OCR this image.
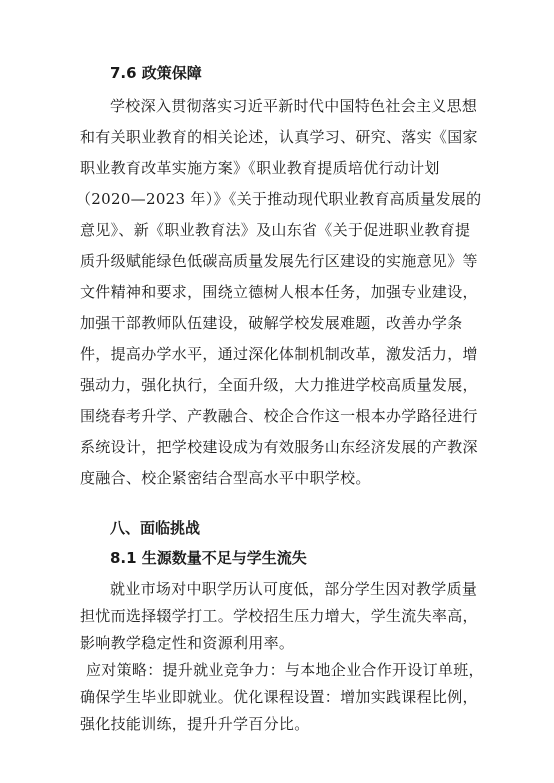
7.6 政策保障
学校深入贯彻落实习近平新时代中国特色社会主义思想
和有关职业教育的相关论述，认真学习、研究、落实《国家
职业教育改革实施方案》《职业教育提质培优行动计划
（2020—2023 年）》《关于推动现代职业教育高质量发展的
意见》、新《职业教育法》及山东省《关于促进职业教育提
质升级赋能绿色低碳高质量发展先行区建设的实施意见》等
文件精神和要求，围绕立德树人根本任务，加强专业建设，
加强干部教师队伍建设，破解学校发展难题，改善办学条
件，提高办学水平，通过深化体制机制改革，激发活力，增
强动力，强化执行，全面升级，大力推进学校高质量发展，
围绕春考升学、产教融合、校企合作这一根本办学路径进行
系统设计，把学校建设成为有效服务山东经济发展的产教深
度融合、校企紧密结合型高水平中职学校。
八、面临挑战
8.1 生源数量不足与学生流失
就业市场对中职学历认可度低，部分学生因对教学质量
担忧而选择辍学打工。学校招生压力增大，学生流失率高，
影响教学稳定性和资源利用率。
应对策略：提升就业竞争力：与本地企业合作开设订单班，
确保学生毕业即就业。优化课程设置：增加实践课程比例，
强化技能训练，提升升学百分比。
